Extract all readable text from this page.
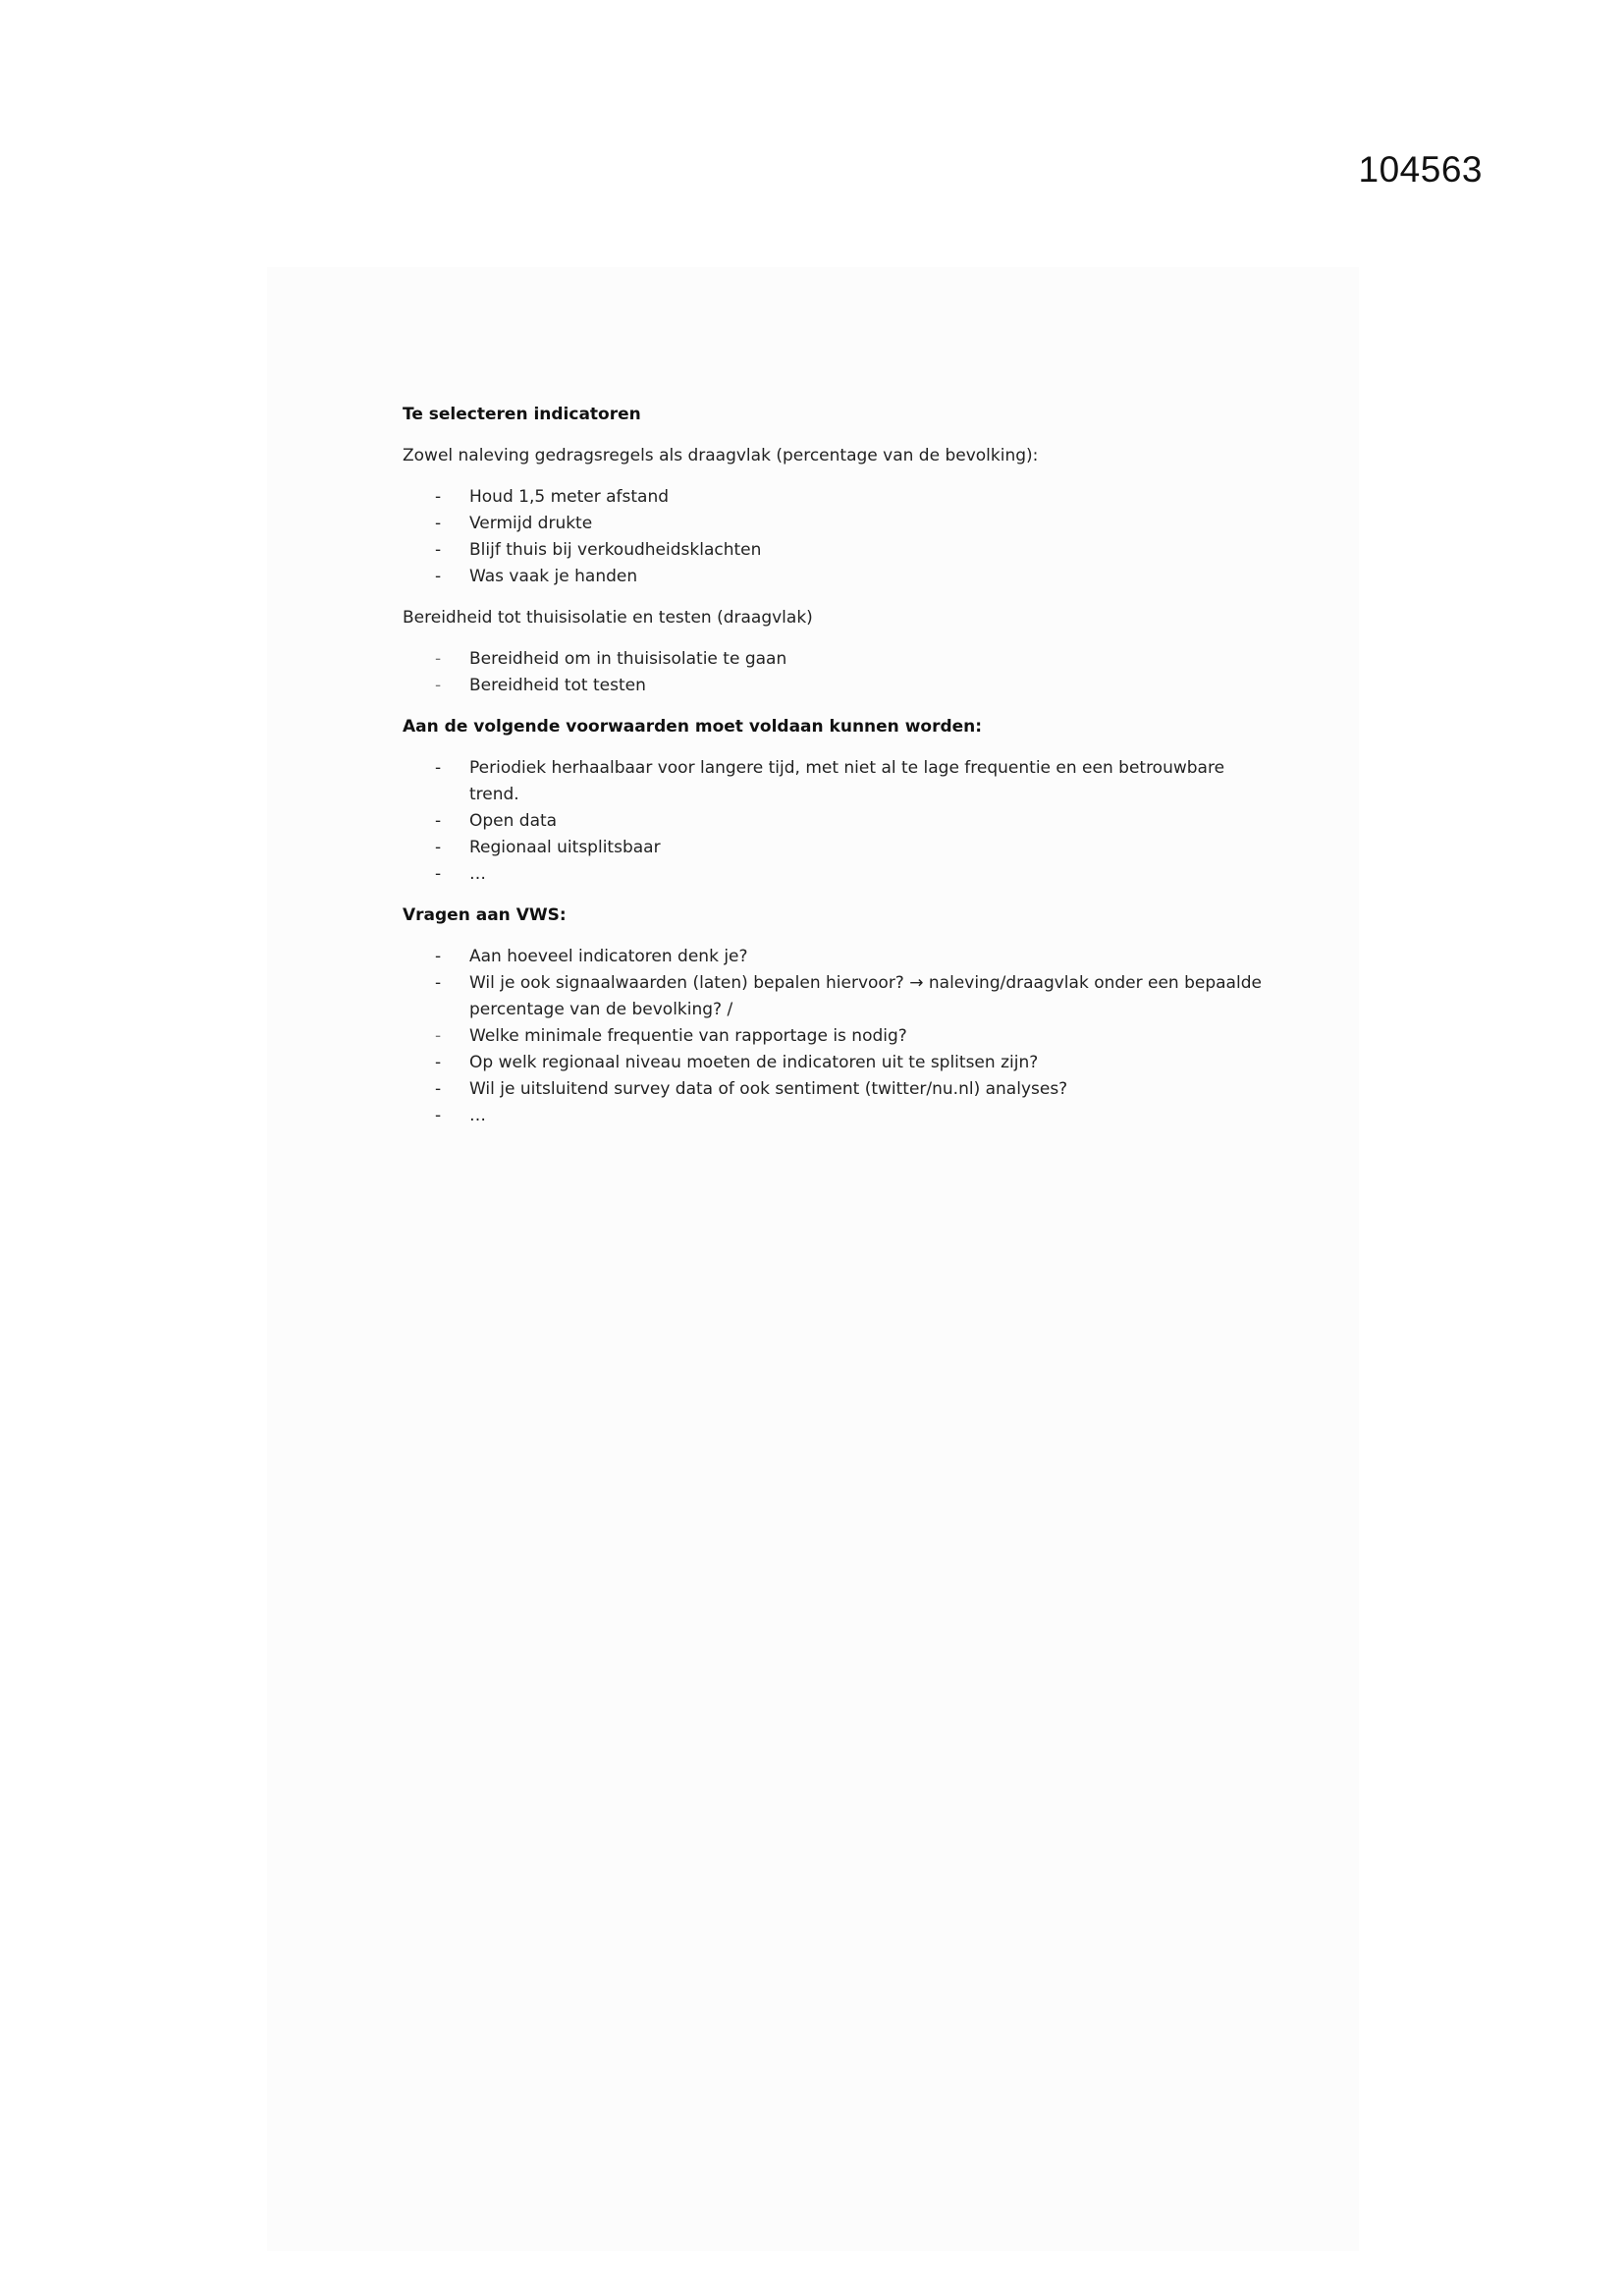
104563
Te selecteren indicatoren
Zowel naleving gedragsregels als draagvlak (percentage van de bevolking):
- Houd 1,5 meter afstand
- Vermijd drukte
- Blijf thuis bij verkoudheidsklachten
- Was vaak je handen
Bereidheid tot thuisisolatie en testen (draagvlak)
- Bereidheid om in thuisisolatie te gaan
- Bereidheid tot testen
Aan de volgende voorwaarden moet voldaan kunnen worden:
- Periodiek herhaalbaar voor langere tijd, met niet al te lage frequentie en een betrouwbare trend.
- Open data
- Regionaal uitsplitsbaar
- …
Vragen aan VWS:
- Aan hoeveel indicatoren denk je?
- Wil je ook signaalwaarden (laten) bepalen hiervoor? → naleving/draagvlak onder een bepaalde percentage van de bevolking? /
- Welke minimale frequentie van rapportage is nodig?
- Op welk regionaal niveau moeten de indicatoren uit te splitsen zijn?
- Wil je uitsluitend survey data of ook sentiment (twitter/nu.nl) analyses?
- …
